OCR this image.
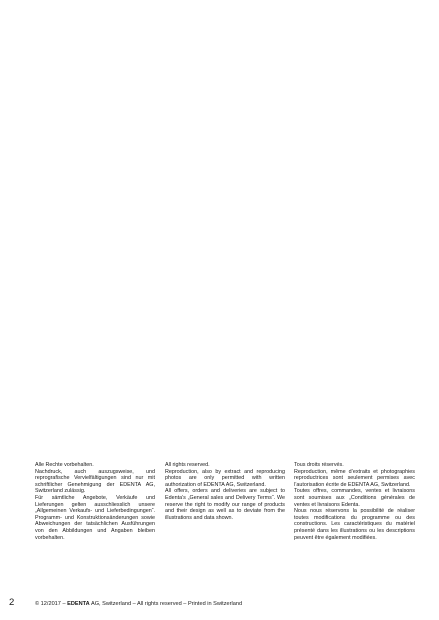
Alle Rechte vorbehalten.

Nachdruck, auch auszugsweise, und reprografische Vervielfältigungen sind nur mit schriftlicher Genehmigung der EDENTA AG, Switzerland zulässig.

Für sämtliche Angebote, Verkäufe und Lieferungen gelten ausschliesslich unsere „Allgemeinen Verkaufs- und Lieferbedingungen“. Programm- und Konstruktionsänderungen sowie Abweichungen der tatsächlichen Ausführungen von den Abbildungen und Angaben bleiben vorbehalten.

All rights reserved.

Reproduction, also by extract and reproducing photos are only permitted with written authorization of EDENTA AG, Switzerland.

All offers, orders and deliveries are subject to Edenta’s „General sales and Delivery Terms“. We reserve the right to modify our range of products and their design as well as to deviate from the illustrations and data shown.

Tous droits réservés.

Reproduction, même d’extraits et photographies reproductrices sont seulement permises avec l’autorisation écrite de EDENTA AG, Switzerland.

Toutes offres, commandes, ventes et livraisons sont soumises aux „Conditions générales de ventes et livraisons Edenta.

Nous nous réservons la possibilité de réaliser toutes modifications du programme ou des constructions. Les caractéristiques du matériel présenté dans les illustrations ou les descriptions peuvent être également modifiées.

2	© 12/2017 – EDENTA AG, Switzerland – All rights reserved – Printed in Switzerland
